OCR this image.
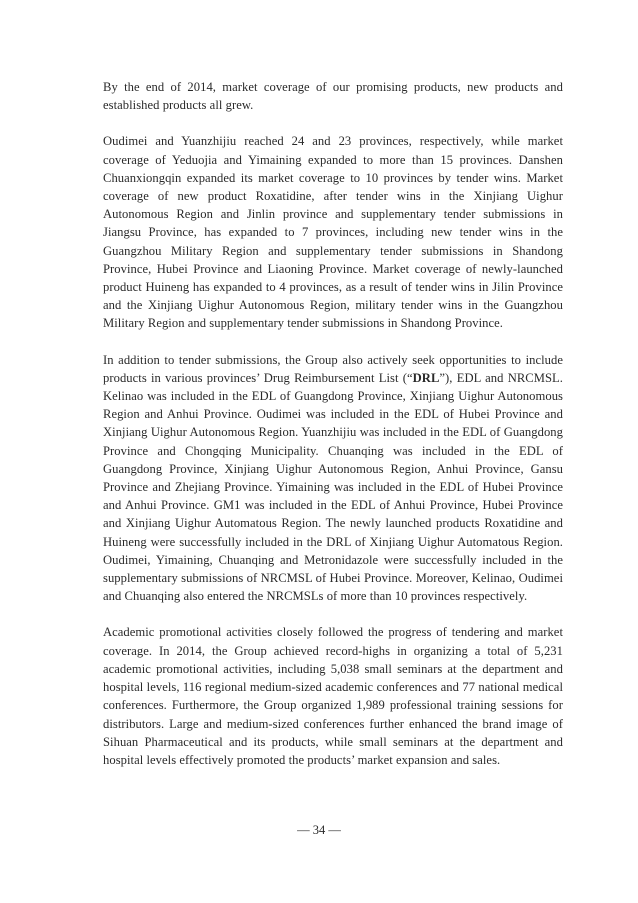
By the end of 2014, market coverage of our promising products, new products and established products all grew.

Oudimei and Yuanzhijiu reached 24 and 23 provinces, respectively, while market coverage of Yeduojia and Yimaining expanded to more than 15 provinces. Danshen Chuanxiongqin expanded its market coverage to 10 provinces by tender wins. Market coverage of new product Roxatidine, after tender wins in the Xinjiang Uighur Autonomous Region and Jinlin province and supplementary tender submissions in Jiangsu Province, has expanded to 7 provinces, including new tender wins in the Guangzhou Military Region and supplementary tender submissions in Shandong Province, Hubei Province and Liaoning Province. Market coverage of newly-launched product Huineng has expanded to 4 provinces, as a result of tender wins in Jilin Province and the Xinjiang Uighur Autonomous Region, military tender wins in the Guangzhou Military Region and supplementary tender submissions in Shandong Province.

In addition to tender submissions, the Group also actively seek opportunities to include products in various provinces’ Drug Reimbursement List (“DRL”), EDL and NRCMSL. Kelinao was included in the EDL of Guangdong Province, Xinjiang Uighur Autonomous Region and Anhui Province. Oudimei was included in the EDL of Hubei Province and Xinjiang Uighur Autonomous Region. Yuanzhijiu was included in the EDL of Guangdong Province and Chongqing Municipality. Chuanqing was included in the EDL of Guangdong Province, Xinjiang Uighur Autonomous Region, Anhui Province, Gansu Province and Zhejiang Province. Yimaining was included in the EDL of Hubei Province and Anhui Province. GM1 was included in the EDL of Anhui Province, Hubei Province and Xinjiang Uighur Automatous Region. The newly launched products Roxatidine and Huineng were successfully included in the DRL of Xinjiang Uighur Automatous Region. Oudimei, Yimaining, Chuanqing and Metronidazole were successfully included in the supplementary submissions of NRCMSL of Hubei Province. Moreover, Kelinao, Oudimei and Chuanqing also entered the NRCMSLs of more than 10 provinces respectively.

Academic promotional activities closely followed the progress of tendering and market coverage. In 2014, the Group achieved record-highs in organizing a total of 5,231 academic promotional activities, including 5,038 small seminars at the department and hospital levels, 116 regional medium-sized academic conferences and 77 national medical conferences. Furthermore, the Group organized 1,989 professional training sessions for distributors. Large and medium-sized conferences further enhanced the brand image of Sihuan Pharmaceutical and its products, while small seminars at the department and hospital levels effectively promoted the products’ market expansion and sales.

— 34 —
